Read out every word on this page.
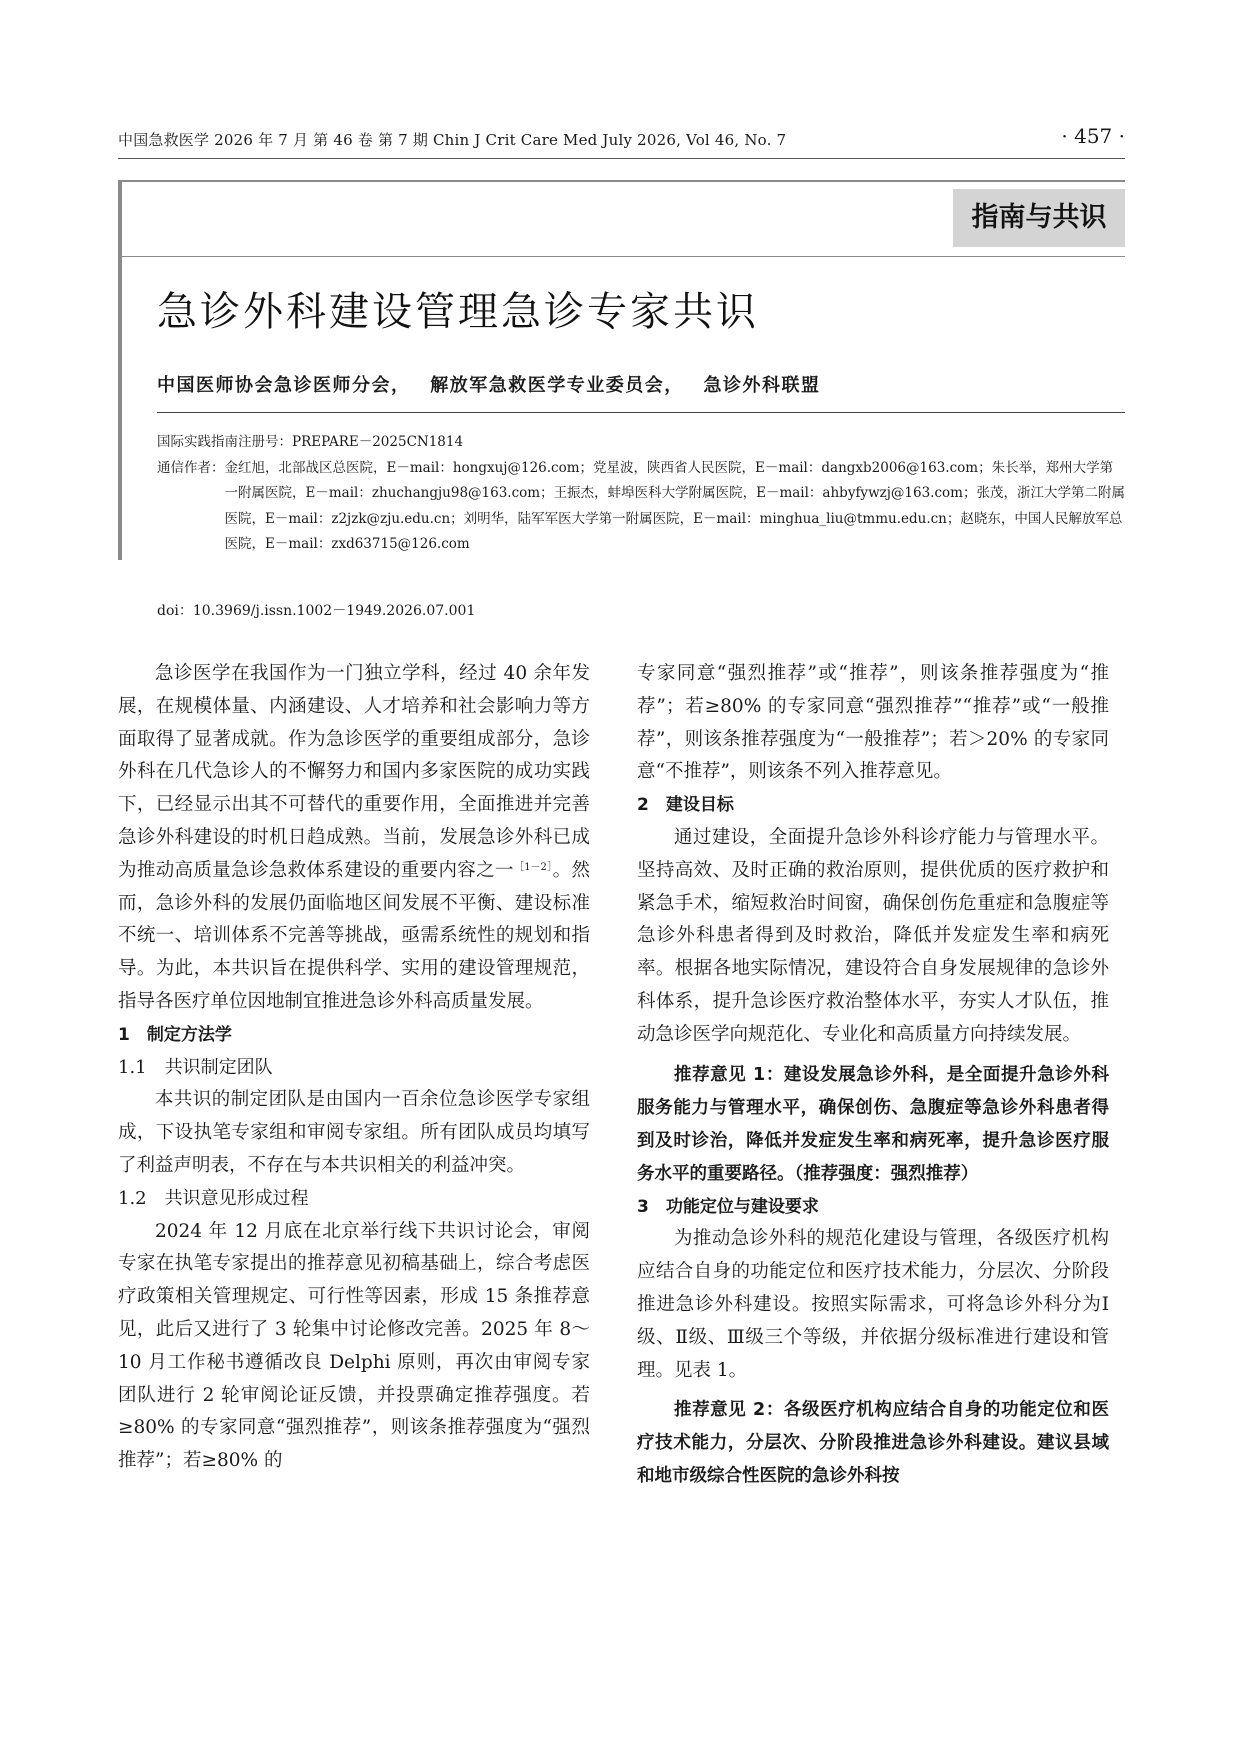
中国急救医学 2026 年 7 月 第 46 卷 第 7 期 Chin J Crit Care Med July 2026, Vol 46, No. 7	· 457 ·
指南与共识
急诊外科建设管理急诊专家共识
中国医师协会急诊医师分会， 解放军急救医学专业委员会， 急诊外科联盟

国际实践指南注册号：PREPARE－2025CN1814

通信作者： 金红旭，北部战区总医院，E－mail：hongxuj@126.com；党星波，陕西省人民医院，E－mail：dangxb2006@163.com；朱长举，郑州大学第一附属医院，E－mail：zhuchangju98@163.com；王振杰，蚌埠医科大学附属医院，E－mail：ahbyfywzj@163.com；张茂，浙江大学第二附属医院，E－mail：z2jzk@zju.edu.cn；刘明华，陆军军医大学第一附属医院，E－mail：minghua_liu@tmmu.edu.cn；赵晓东，中国人民解放军总医院，E－mail：zxd63715@126.com
doi：10.3969/j.issn.1002－1949.2026.07.001

急诊医学在我国作为一门独立学科，经过 40 余年发展，在规模体量、内涵建设、人才培养和社会影响力等方面取得了显著成就。作为急诊医学的重要组成部分，急诊外科在几代急诊人的不懈努力和国内多家医院的成功实践下，已经显示出其不可替代的重要作用，全面推进并完善急诊外科建设的时机日趋成熟。当前，发展急诊外科已成为推动高质量急诊急救体系建设的重要内容之一$^{[1-2]}$。然而，急诊外科的发展仍面临地区间发展不平衡、建设标准不统一、培训体系不完善等挑战，亟需系统性的规划和指导。为此，本共识旨在提供科学、实用的建设管理规范，指导各医疗单位因地制宜推进急诊外科高质量发展。

1　制定方法学

1.1　共识制定团队

本共识的制定团队是由国内一百余位急诊医学专家组成，下设执笔专家组和审阅专家组。所有团队成员均填写了利益声明表，不存在与本共识相关的利益冲突。

1.2　共识意见形成过程

2024 年 12 月底在北京举行线下共识讨论会，审阅专家在执笔专家提出的推荐意见初稿基础上，综合考虑医疗政策相关管理规定、可行性等因素，形成 15 条推荐意见，此后又进行了 3 轮集中讨论修改完善。2025 年 8～10 月工作秘书遵循改良 Delphi 原则，再次由审阅专家团队进行 2 轮审阅论证反馈，并投票确定推荐强度。若≥80% 的专家同意“强烈推荐”，则该条推荐强度为“强烈推荐”；若≥80% 的

专家同意“强烈推荐”或“推荐”，则该条推荐强度为“推荐”；若≥80% 的专家同意“强烈推荐”“推荐”或“一般推荐”，则该条推荐强度为“一般推荐”；若＞20% 的专家同意“不推荐”，则该条不列入推荐意见。

2　建设目标

通过建设，全面提升急诊外科诊疗能力与管理水平。坚持高效、及时正确的救治原则，提供优质的医疗救护和紧急手术，缩短救治时间窗，确保创伤危重症和急腹症等急诊外科患者得到及时救治，降低并发症发生率和病死率。根据各地实际情况，建设符合自身发展规律的急诊外科体系，提升急诊医疗救治整体水平，夯实人才队伍，推动急诊医学向规范化、专业化和高质量方向持续发展。

推荐意见 1：建设发展急诊外科，是全面提升急诊外科服务能力与管理水平，确保创伤、急腹症等急诊外科患者得到及时诊治，降低并发症发生率和病死率，提升急诊医疗服务水平的重要路径。（推荐强度：强烈推荐）

3　功能定位与建设要求

为推动急诊外科的规范化建设与管理，各级医疗机构应结合自身的功能定位和医疗技术能力，分层次、分阶段推进急诊外科建设。按照实际需求，可将急诊外科分为Ⅰ级、Ⅱ级、Ⅲ级三个等级，并依据分级标准进行建设和管理。见表 1。

推荐意见 2：各级医疗机构应结合自身的功能定位和医疗技术能力，分层次、分阶段推进急诊外科建设。建议县域和地市级综合性医院的急诊外科按
